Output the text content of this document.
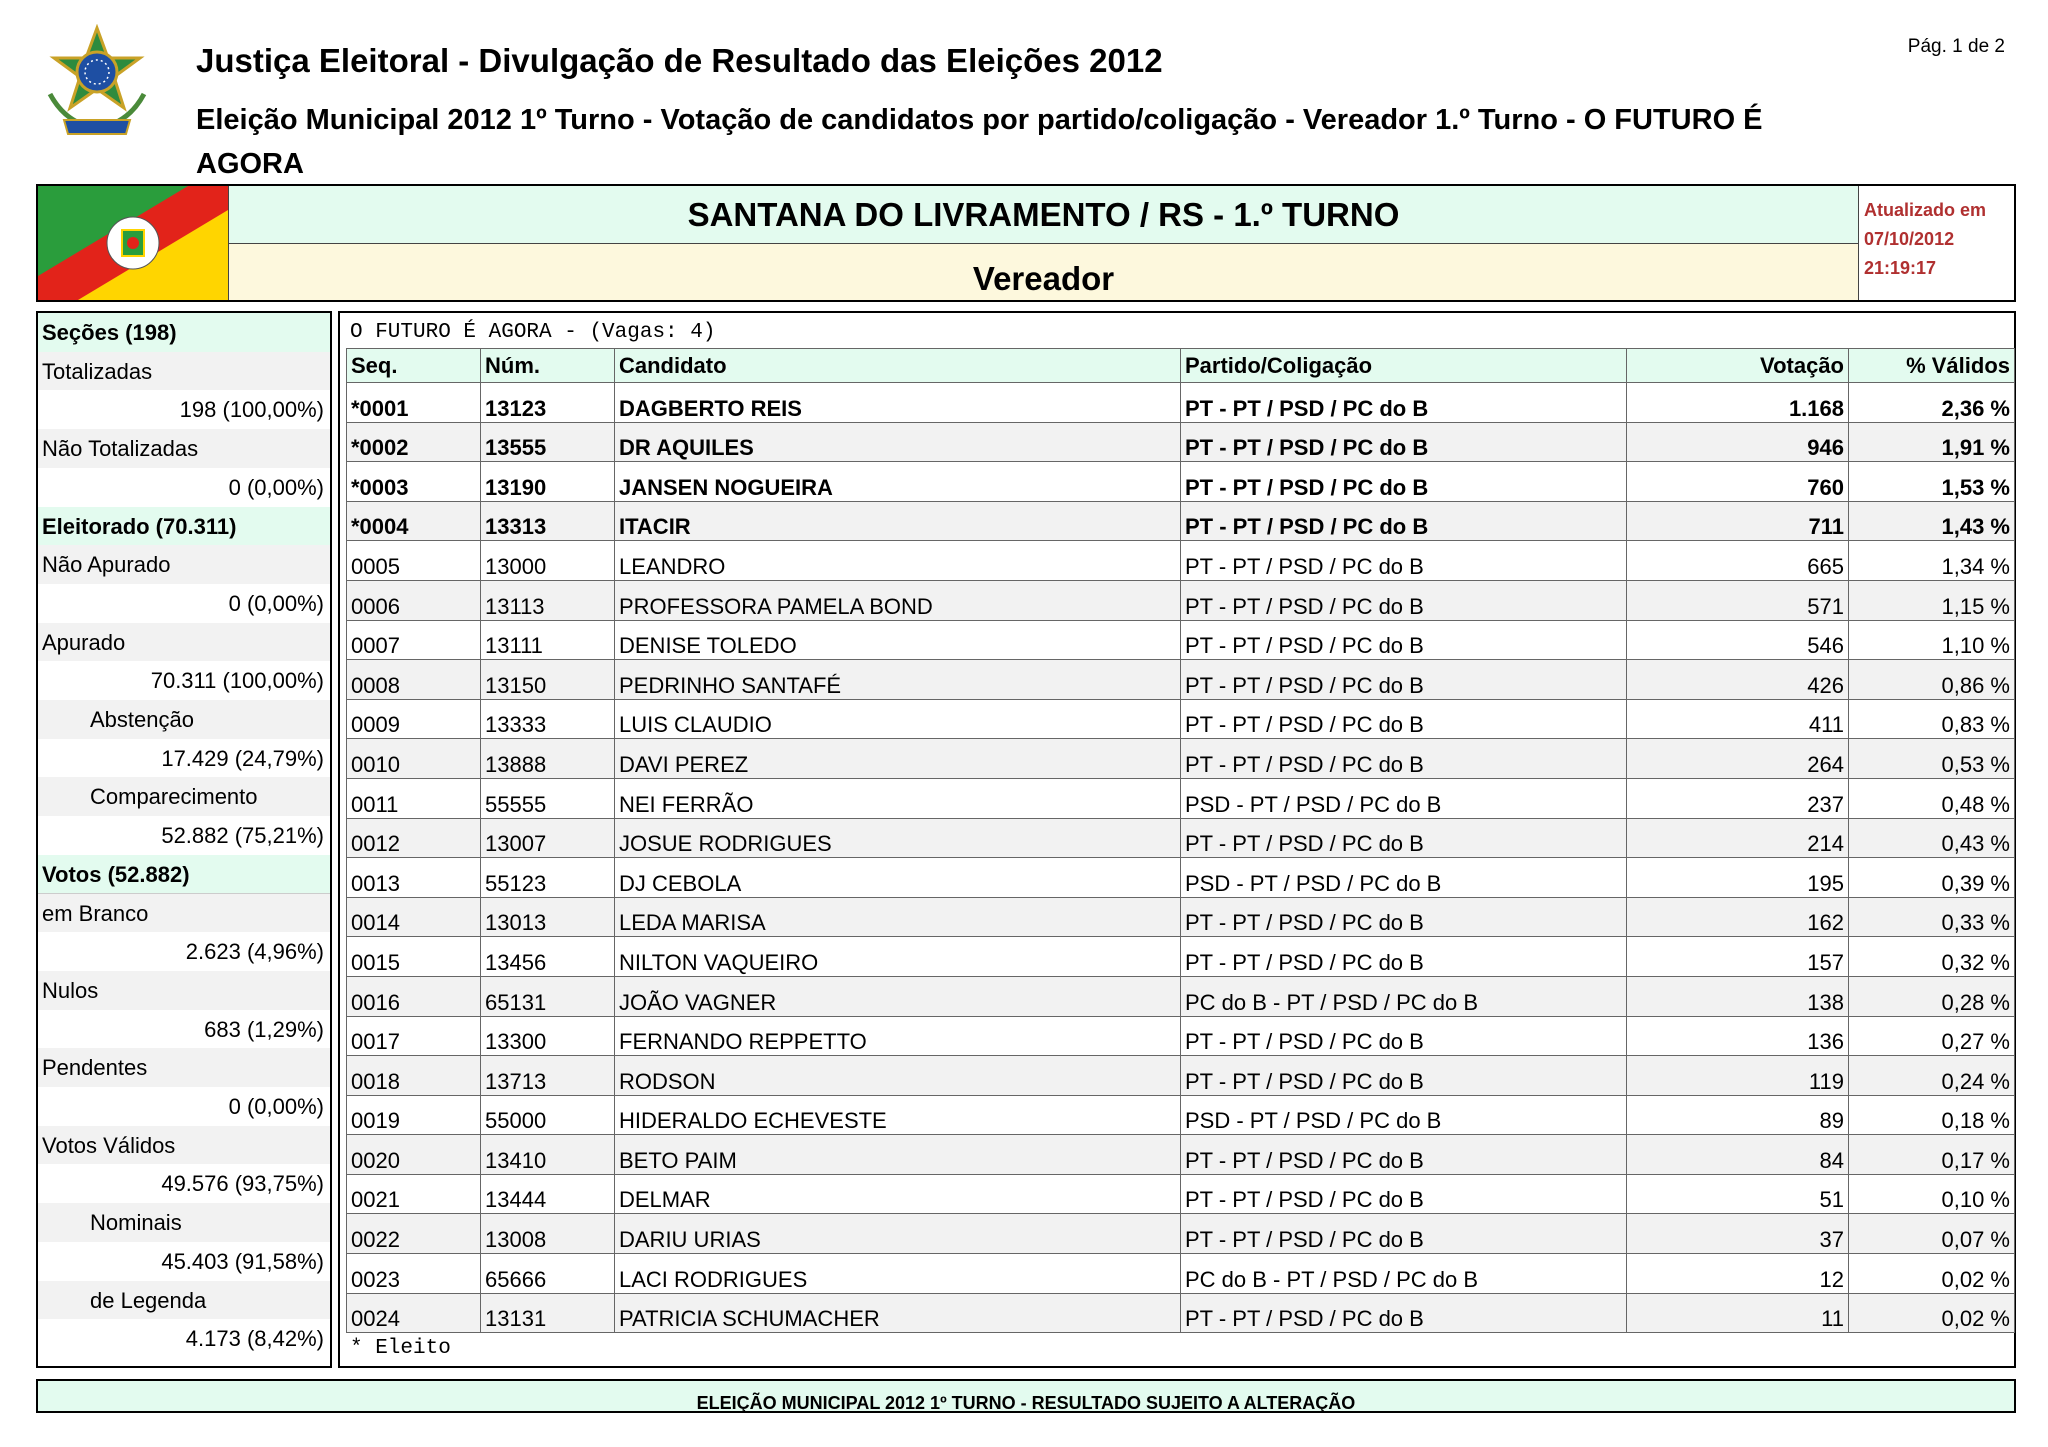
Justiça Eleitoral - Divulgação de Resultado das Eleições 2012
Eleição Municipal 2012 1º Turno - Votação de candidatos por partido/coligação - Vereador 1.º Turno - O FUTURO É AGORA
Pág. 1 de 2
SANTANA DO LIVRAMENTO / RS - 1.º TURNO
Vereador
Atualizado em
07/10/2012
21:19:17
Seções (198)
Totalizadas
198 (100,00%)
Não Totalizadas
0 (0,00%)
Eleitorado (70.311)
Não Apurado
0 (0,00%)
Apurado
70.311 (100,00%)
Abstenção
17.429 (24,79%)
Comparecimento
52.882 (75,21%)
Votos (52.882)
em Branco
2.623 (4,96%)
Nulos
683 (1,29%)
Pendentes
0 (0,00%)
Votos Válidos
49.576 (93,75%)
Nominais
45.403 (91,58%)
de Legenda
4.173 (8,42%)
O FUTURO É AGORA - (Vagas: 4)
Seq.	Núm.	Candidato	Partido/Coligação	Votação	% Válidos
*0001	13123	DAGBERTO REIS	PT - PT / PSD / PC do B	1.168	2,36 %
*0002	13555	DR AQUILES	PT - PT / PSD / PC do B	946	1,91 %
*0003	13190	JANSEN NOGUEIRA	PT - PT / PSD / PC do B	760	1,53 %
*0004	13313	ITACIR	PT - PT / PSD / PC do B	711	1,43 %
0005	13000	LEANDRO	PT - PT / PSD / PC do B	665	1,34 %
0006	13113	PROFESSORA PAMELA BOND	PT - PT / PSD / PC do B	571	1,15 %
0007	13111	DENISE TOLEDO	PT - PT / PSD / PC do B	546	1,10 %
0008	13150	PEDRINHO SANTAFÉ	PT - PT / PSD / PC do B	426	0,86 %
0009	13333	LUIS CLAUDIO	PT - PT / PSD / PC do B	411	0,83 %
0010	13888	DAVI PEREZ	PT - PT / PSD / PC do B	264	0,53 %
0011	55555	NEI FERRÃO	PSD - PT / PSD / PC do B	237	0,48 %
0012	13007	JOSUE RODRIGUES	PT - PT / PSD / PC do B	214	0,43 %
0013	55123	DJ CEBOLA	PSD - PT / PSD / PC do B	195	0,39 %
0014	13013	LEDA MARISA	PT - PT / PSD / PC do B	162	0,33 %
0015	13456	NILTON VAQUEIRO	PT - PT / PSD / PC do B	157	0,32 %
0016	65131	JOÃO VAGNER	PC do B - PT / PSD / PC do B	138	0,28 %
0017	13300	FERNANDO REPPETTO	PT - PT / PSD / PC do B	136	0,27 %
0018	13713	RODSON	PT - PT / PSD / PC do B	119	0,24 %
0019	55000	HIDERALDO ECHEVESTE	PSD - PT / PSD / PC do B	89	0,18 %
0020	13410	BETO PAIM	PT - PT / PSD / PC do B	84	0,17 %
0021	13444	DELMAR	PT - PT / PSD / PC do B	51	0,10 %
0022	13008	DARIU URIAS	PT - PT / PSD / PC do B	37	0,07 %
0023	65666	LACI RODRIGUES	PC do B - PT / PSD / PC do B	12	0,02 %
0024	13131	PATRICIA SCHUMACHER	PT - PT / PSD / PC do B	11	0,02 %
* Eleito
ELEIÇÃO MUNICIPAL 2012 1º TURNO - RESULTADO SUJEITO A ALTERAÇÃO
